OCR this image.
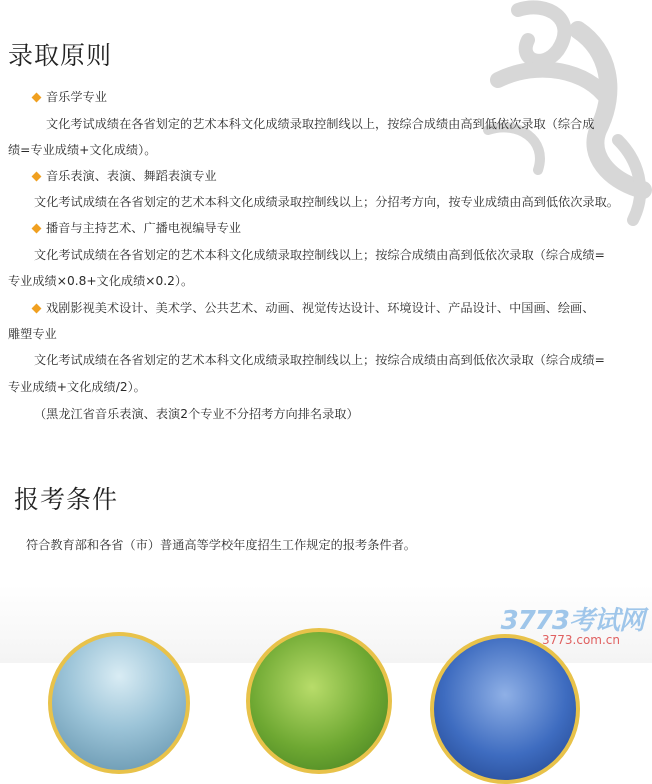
录取原则
音乐学专业
文化考试成绩在各省划定的艺术本科文化成绩录取控制线以上，按综合成绩由高到低依次录取（综合成
绩=专业成绩+文化成绩）。
音乐表演、表演、舞蹈表演专业
文化考试成绩在各省划定的艺术本科文化成绩录取控制线以上；分招考方向，按专业成绩由高到低依次录取。
播音与主持艺术、广播电视编导专业
文化考试成绩在各省划定的艺术本科文化成绩录取控制线以上；按综合成绩由高到低依次录取（综合成绩=
专业成绩×0.8+文化成绩×0.2）。
戏剧影视美术设计、美术学、公共艺术、动画、视觉传达设计、环境设计、产品设计、中国画、绘画、
雕塑专业
文化考试成绩在各省划定的艺术本科文化成绩录取控制线以上；按综合成绩由高到低依次录取（综合成绩=
专业成绩+文化成绩/2）。
（黑龙江省音乐表演、表演2个专业不分招考方向排名录取）
报考条件
符合教育部和各省（市）普通高等学校年度招生工作规定的报考条件者。
3773考试网
3773.com.cn
